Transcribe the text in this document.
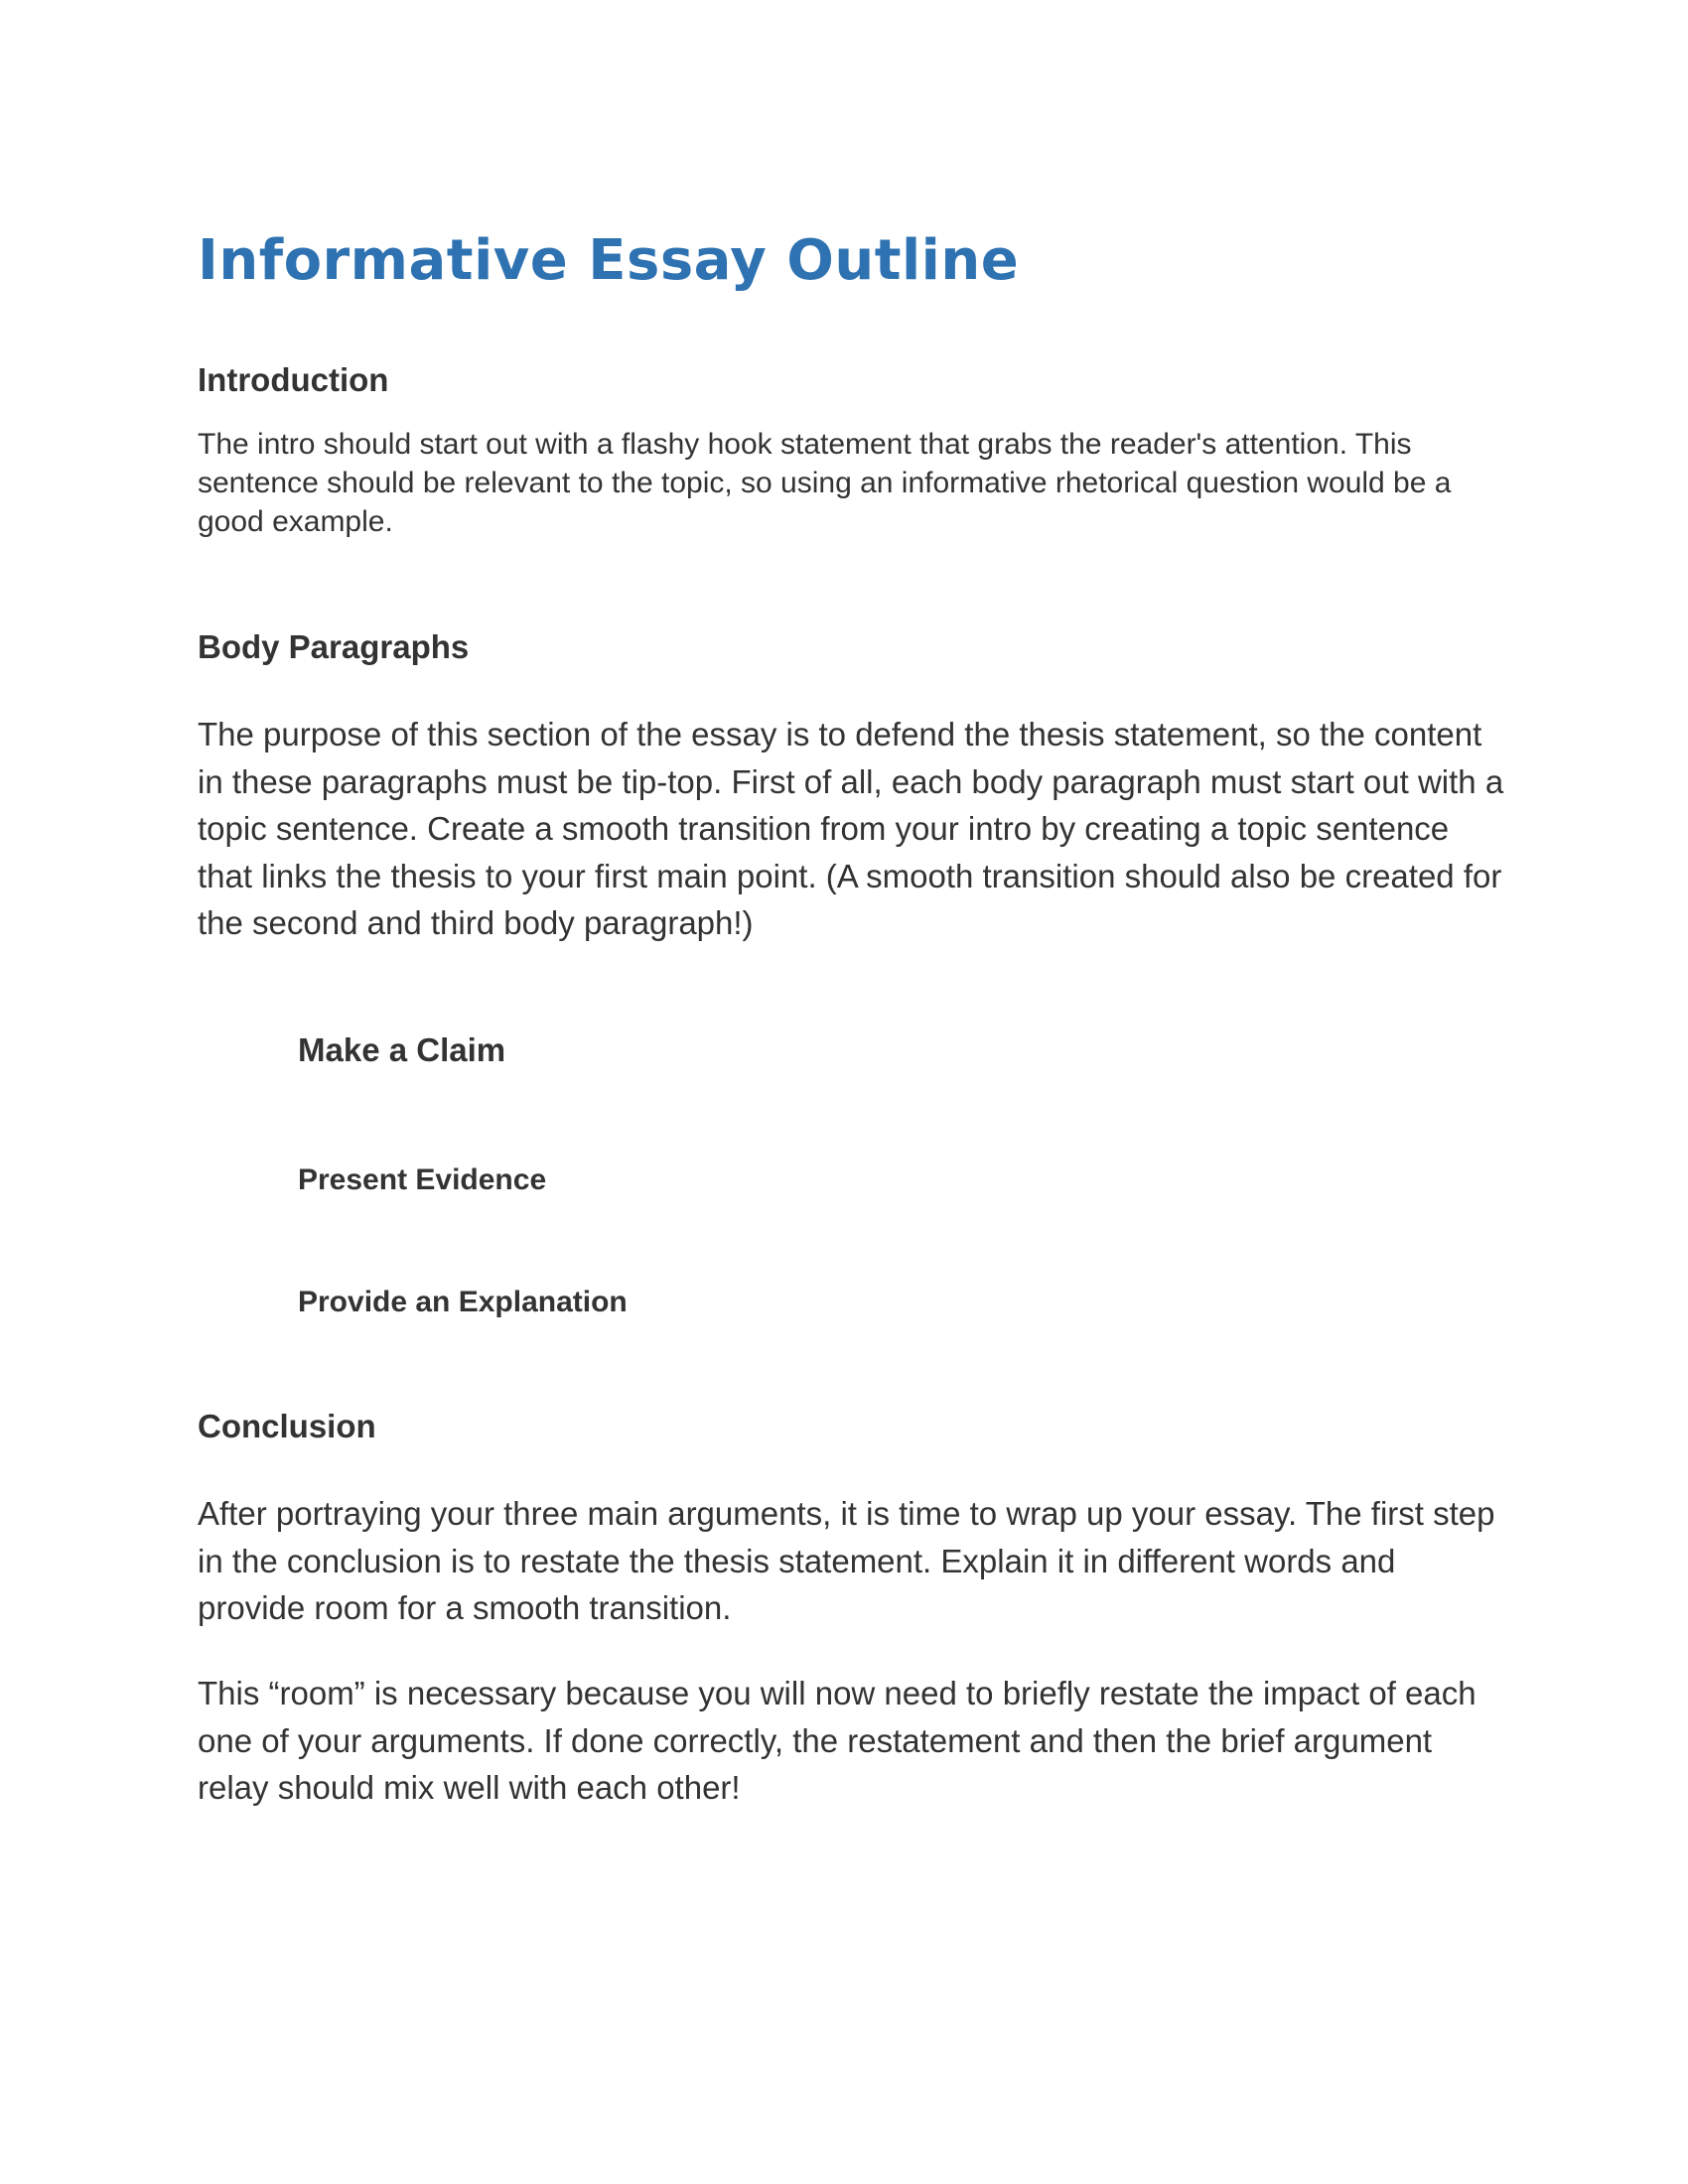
Informative Essay Outline
Introduction

The intro should start out with a flashy hook statement that grabs the reader's attention. This sentence should be relevant to the topic, so using an informative rhetorical question would be a good example.

Body Paragraphs

The purpose of this section of the essay is to defend the thesis statement, so the content in these paragraphs must be tip-top. First of all, each body paragraph must start out with a topic sentence. Create a smooth transition from your intro by creating a topic sentence that links the thesis to your first main point. (A smooth transition should also be created for the second and third body paragraph!)

Make a Claim
Present Evidence
Provide an Explanation
Conclusion

After portraying your three main arguments, it is time to wrap up your essay. The first step in the conclusion is to restate the thesis statement. Explain it in different words and provide room for a smooth transition.

This “room” is necessary because you will now need to briefly restate the impact of each one of your arguments. If done correctly, the restatement and then the brief argument relay should mix well with each other!
